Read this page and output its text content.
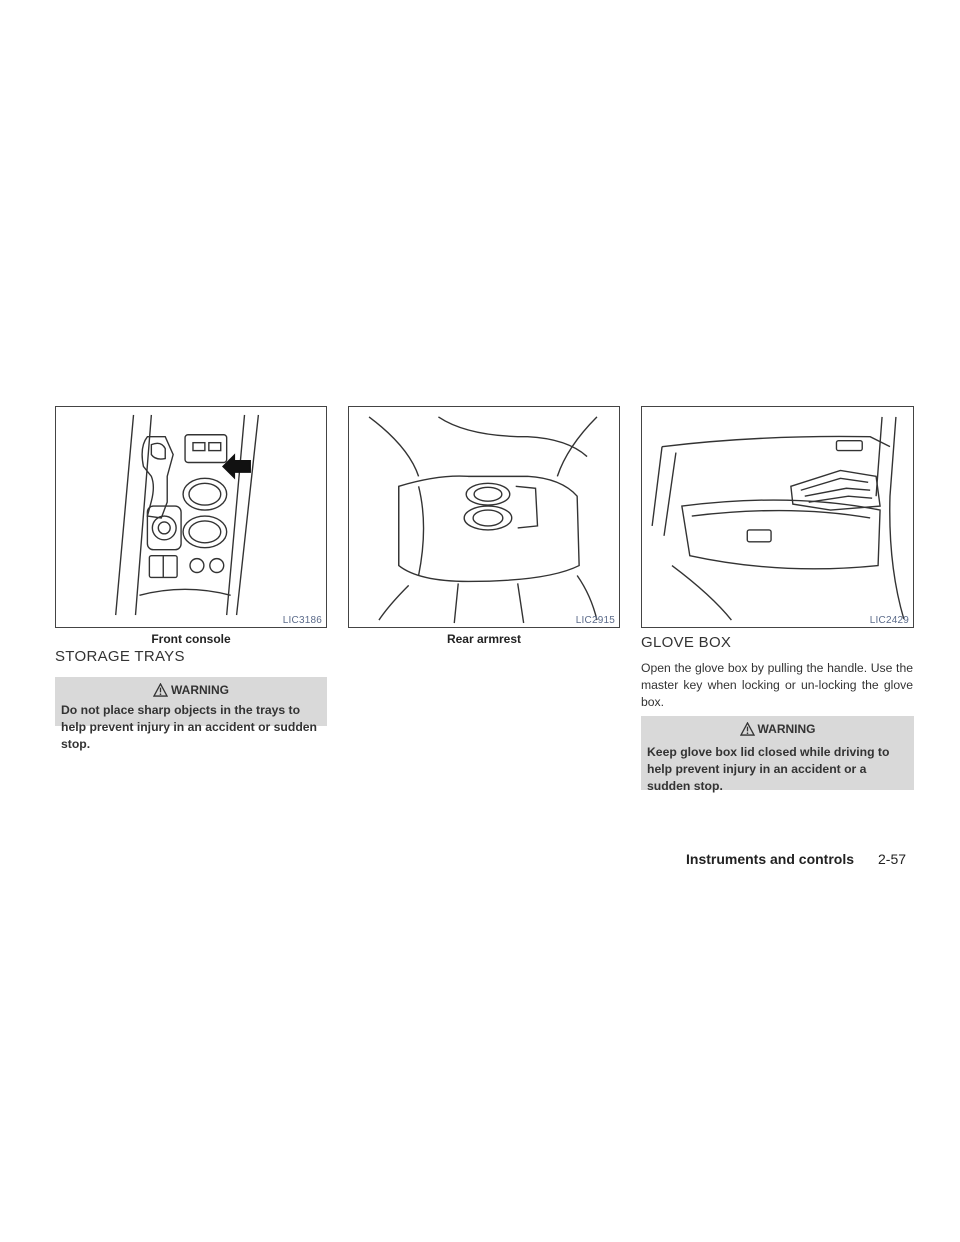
LIC3186
Front console
LIC2915
Rear armrest
LIC2429
STORAGE TRAYS
WARNING
Do not place sharp objects in the trays to help prevent injury in an accident or sudden stop.
GLOVE BOX
Open the glove box by pulling the handle. Use the master key when locking or un-locking the glove box.
WARNING
Keep glove box lid closed while driving to help prevent injury in an accident or a sudden stop.
Instruments and controls 2-57
